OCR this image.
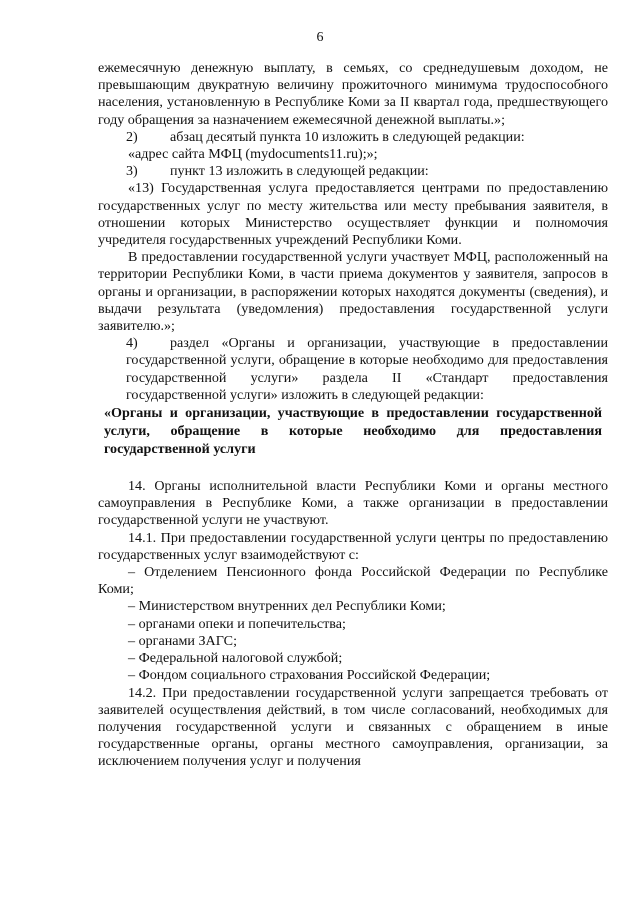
6

ежемесячную денежную выплату, в семьях, со среднедушевым доходом, не превышающим двукратную величину прожиточного минимума трудоспособного населения, установленную в Республике Коми за II квартал года, предшествующего году обращения за назначением ежемесячной денежной выплаты.»;

2) абзац десятый пункта 10 изложить в следующей редакции:

«адрес сайта МФЦ (mydocuments11.ru);»;

3) пункт 13 изложить в следующей редакции:

«13) Государственная услуга предоставляется центрами по предоставлению государственных услуг по месту жительства или месту пребывания заявителя, в отношении которых Министерство осуществляет функции и полномочия учредителя государственных учреждений Республики Коми.

В предоставлении государственной услуги участвует МФЦ, расположенный на территории Республики Коми, в части приема документов у заявителя, запросов в органы и организации, в распоряжении которых находятся документы (сведения), и выдачи результата (уведомления) предоставления государственной услуги заявителю.»;

4) раздел «Органы и организации, участвующие в предоставлении государственной услуги, обращение в которые необходимо для предоставления государственной услуги» раздела II «Стандарт предоставления государственной услуги» изложить в следующей редакции:

«Органы и организации, участвующие в предоставлении государственной услуги, обращение в которые необходимо для предоставления государственной услуги

14. Органы исполнительной власти Республики Коми и органы местного самоуправления в Республике Коми, а также организации в предоставлении государственной услуги не участвуют.

14.1. При предоставлении государственной услуги центры по предоставлению государственных услуг взаимодействуют с:

– Отделением Пенсионного фонда Российской Федерации по Республике Коми;

– Министерством внутренних дел Республики Коми;

– органами опеки и попечительства;

– органами ЗАГС;

– Федеральной налоговой службой;

– Фондом социального страхования Российской Федерации;

14.2. При предоставлении государственной услуги запрещается требовать от заявителей осуществления действий, в том числе согласований, необходимых для получения государственной услуги и связанных с обращением в иные государственные органы, органы местного самоуправления, организации, за исключением получения услуг и получения
